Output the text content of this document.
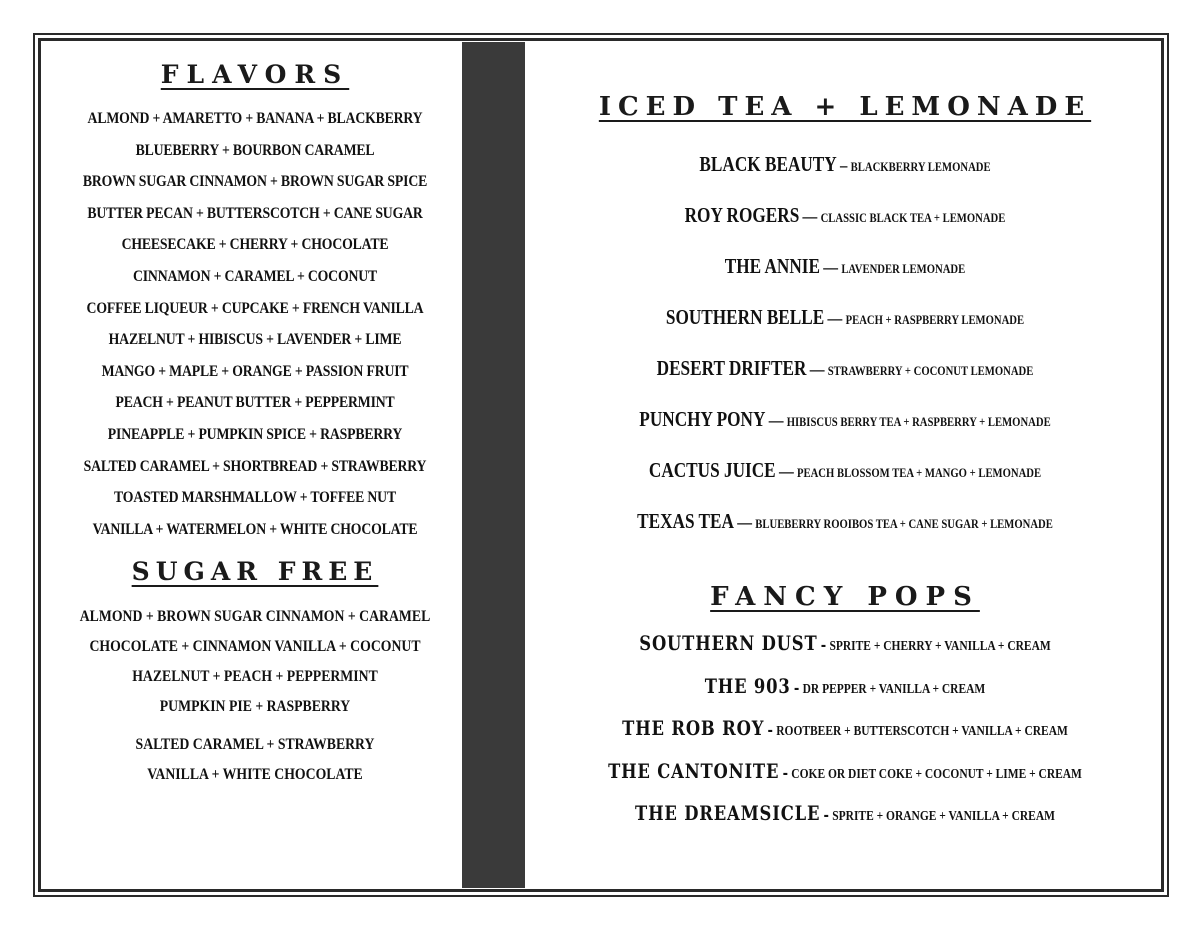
FLAVORS
ALMOND + AMARETTO + BANANA + BLACKBERRY
BLUEBERRY + BOURBON CARAMEL
BROWN SUGAR CINNAMON + BROWN SUGAR SPICE
BUTTER PECAN + BUTTERSCOTCH + CANE SUGAR
CHEESECAKE + CHERRY + CHOCOLATE
CINNAMON + CARAMEL + COCONUT
COFFEE LIQUEUR + CUPCAKE + FRENCH VANILLA
HAZELNUT + HIBISCUS + LAVENDER + LIME
MANGO + MAPLE + ORANGE + PASSION FRUIT
PEACH + PEANUT BUTTER + PEPPERMINT
PINEAPPLE + PUMPKIN SPICE + RASPBERRY
SALTED CARAMEL + SHORTBREAD + STRAWBERRY
TOASTED MARSHMALLOW + TOFFEE NUT
VANILLA + WATERMELON + WHITE CHOCOLATE
SUGAR FREE
ALMOND + BROWN SUGAR CINNAMON + CARAMEL
CHOCOLATE + CINNAMON VANILLA + COCONUT
HAZELNUT + PEACH + PEPPERMINT
PUMPKIN PIE + RASPBERRY
SALTED CARAMEL + STRAWBERRY
VANILLA + WHITE CHOCOLATE
ICED TEA + LEMONADE
BLACK BEAUTY – BLACKBERRY LEMONADE
ROY ROGERS — CLASSIC BLACK TEA + LEMONADE
THE ANNIE — LAVENDER LEMONADE
SOUTHERN BELLE — PEACH + RASPBERRY LEMONADE
DESERT DRIFTER — STRAWBERRY + COCONUT LEMONADE
PUNCHY PONY — HIBISCUS BERRY TEA + RASPBERRY + LEMONADE
CACTUS JUICE — PEACH BLOSSOM TEA + MANGO + LEMONADE
TEXAS TEA — BLUEBERRY ROOIBOS TEA + CANE SUGAR + LEMONADE
FANCY POPS
SOUTHERN DUST - SPRITE + CHERRY + VANILLA + CREAM
THE 903 - DR PEPPER + VANILLA + CREAM
THE ROB ROY - ROOTBEER + BUTTERSCOTCH + VANILLA + CREAM
THE CANTONITE - COKE OR DIET COKE + COCONUT + LIME + CREAM
THE DREAMSICLE - SPRITE + ORANGE + VANILLA + CREAM
